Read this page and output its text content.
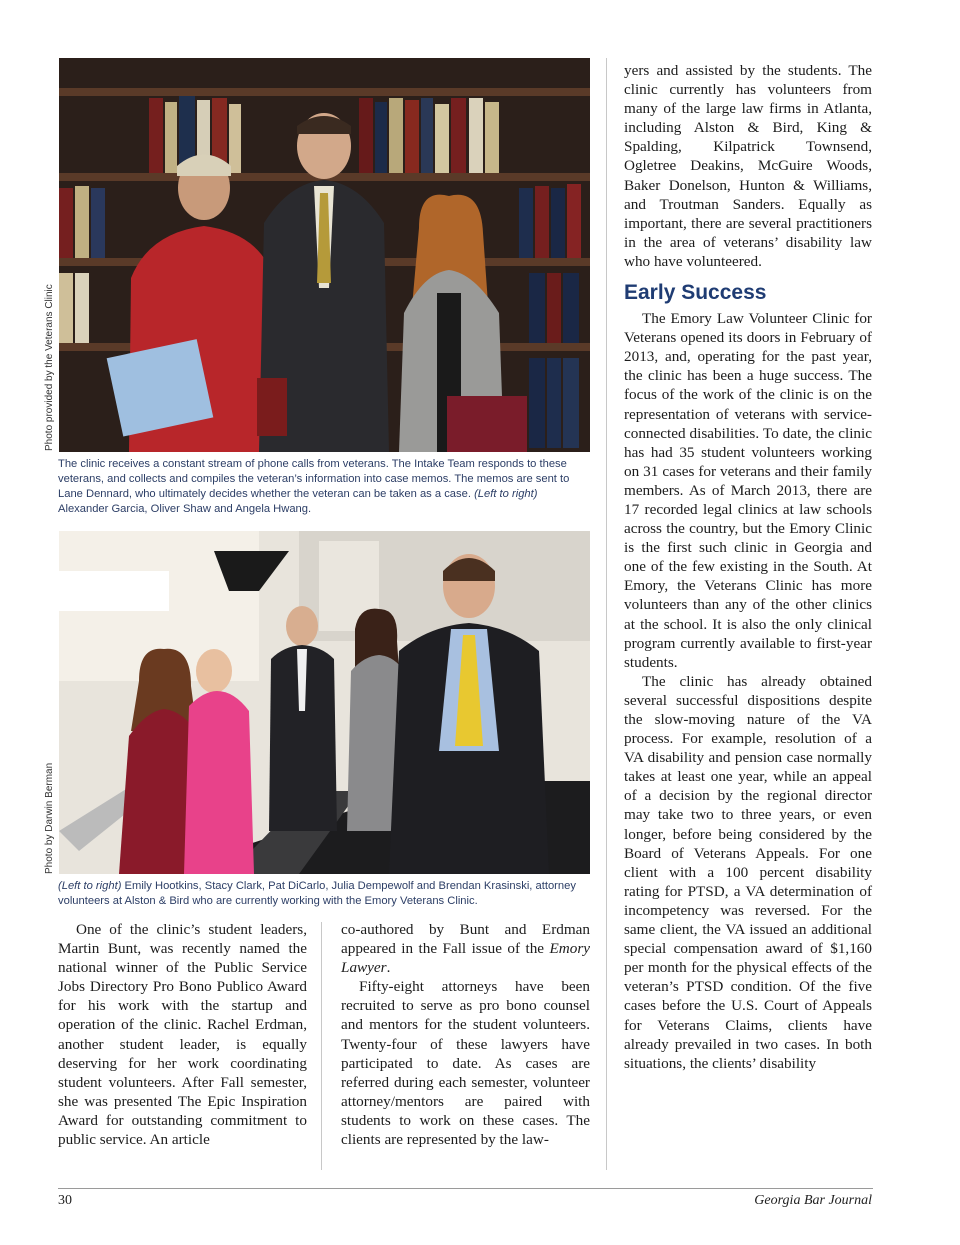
Photo provided by the Veterans Clinic
The clinic receives a constant stream of phone calls from veterans. The Intake Team responds to these veterans, and collects and compiles the veteran’s information into case memos. The memos are sent to Lane Dennard, who ultimately decides whether the veteran can be taken as a case. (Left to right) Alexander Garcia, Oliver Shaw and Angela Hwang.
Photo by Darwin Berman
(Left to right) Emily Hootkins, Stacy Clark, Pat DiCarlo, Julia Dempewolf and Brendan Krasinski, attorney volunteers at Alston & Bird who are currently working with the Emory Veterans Clinic.

One of the clinic’s student leaders, Martin Bunt, was recently named the national winner of the Public Service Jobs Directory Pro Bono Publico Award for his work with the startup and operation of the clinic. Rachel Erdman, another student leader, is equally deserving for her work coordinating student volunteers. After Fall semester, she was presented The Epic Inspiration Award for outstanding commitment to public service. An article

co-authored by Bunt and Erdman appeared in the Fall issue of the Emory Lawyer.

Fifty-eight attorneys have been recruited to serve as pro bono counsel and mentors for the student volunteers. Twenty-four of these lawyers have participated to date. As cases are referred during each semester, volunteer attorney/mentors are paired with students to work on these cases. The clients are represented by the law-

yers and assisted by the students. The clinic currently has volunteers from many of the large law firms in Atlanta, including Alston & Bird, King & Spalding, Kilpatrick Townsend, Ogletree Deakins, McGuire Woods, Baker Donelson, Hunton & Williams, and Troutman Sanders. Equally as important, there are several practitioners in the area of veterans’ disability law who have volunteered.

Early Success

The Emory Law Volunteer Clinic for Veterans opened its doors in February of 2013, and, operating for the past year, the clinic has been a huge success. The focus of the work of the clinic is on the representation of veterans with service-connected disabilities. To date, the clinic has had 35 student volunteers working on 31 cases for veterans and their family members. As of March 2013, there are 17 recorded legal clinics at law schools across the country, but the Emory Clinic is the first such clinic in Georgia and one of the few existing in the South. At Emory, the Veterans Clinic has more volunteers than any of the other clinics at the school. It is also the only clinical program currently available to first-year students.

The clinic has already obtained several successful dispositions despite the slow-moving nature of the VA process. For example, resolution of a VA disability and pension case normally takes at least one year, while an appeal of a decision by the regional director may take two to three years, or even longer, before being considered by the Board of Veterans Appeals. For one client with a 100 percent disability rating for PTSD, a VA determination of incompetency was reversed. For the same client, the VA issued an additional special compensation award of $1,160 per month for the physical effects of the veteran’s PTSD condition. Of the five cases before the U.S. Court of Appeals for Veterans Claims, clients have already prevailed in two cases. In both situations, the clients’ disability

30	Georgia Bar Journal
